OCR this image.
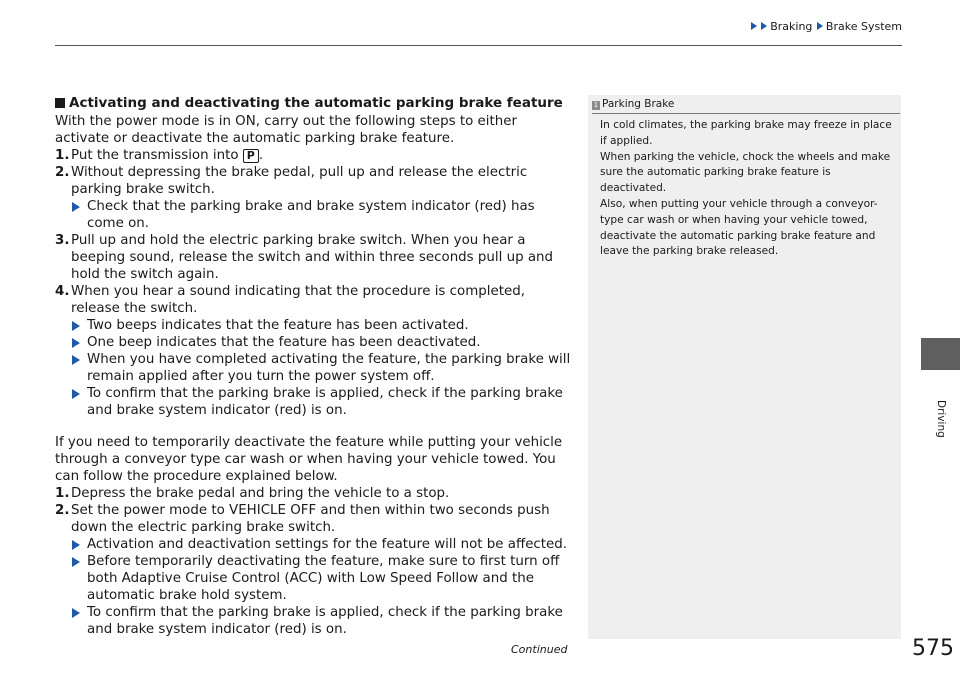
Braking Brake System
Activating and deactivating the automatic parking brake feature

With the power mode is in ON, carry out the following steps to either activate or deactivate the automatic parking brake feature.

1. Put the transmission into P .

2. Without depressing the brake pedal, pull up and release the electric parking brake switch.

Check that the parking brake and brake system indicator (red) has come on.

3. Pull up and hold the electric parking brake switch. When you hear a beeping sound, release the switch and within three seconds pull up and hold the switch again.

4. When you hear a sound indicating that the procedure is completed, release the switch.

Two beeps indicates that the feature has been activated.

One beep indicates that the feature has been deactivated.

When you have completed activating the feature, the parking brake will remain applied after you turn the power system off.

To confirm that the parking brake is applied, check if the parking brake and brake system indicator (red) is on.

If you need to temporarily deactivate the feature while putting your vehicle through a conveyor type car wash or when having your vehicle towed. You can follow the procedure explained below.

1. Depress the brake pedal and bring the vehicle to a stop.

2. Set the power mode to VEHICLE OFF and then within two seconds push down the electric parking brake switch.

Activation and deactivation settings for the feature will not be affected.

Before temporarily deactivating the feature, make sure to first turn off both Adaptive Cruise Control (ACC) with Low Speed Follow and the automatic brake hold system.

To confirm that the parking brake is applied, check if the parking brake and brake system indicator (red) is on.

1 Parking Brake
In cold climates, the parking brake may freeze in place if applied.
When parking the vehicle, chock the wheels and make sure the automatic parking brake feature is deactivated.
Also, when putting your vehicle through a conveyor-type car wash or when having your vehicle towed, deactivate the automatic parking brake feature and leave the parking brake released.
Driving
Continued	575
